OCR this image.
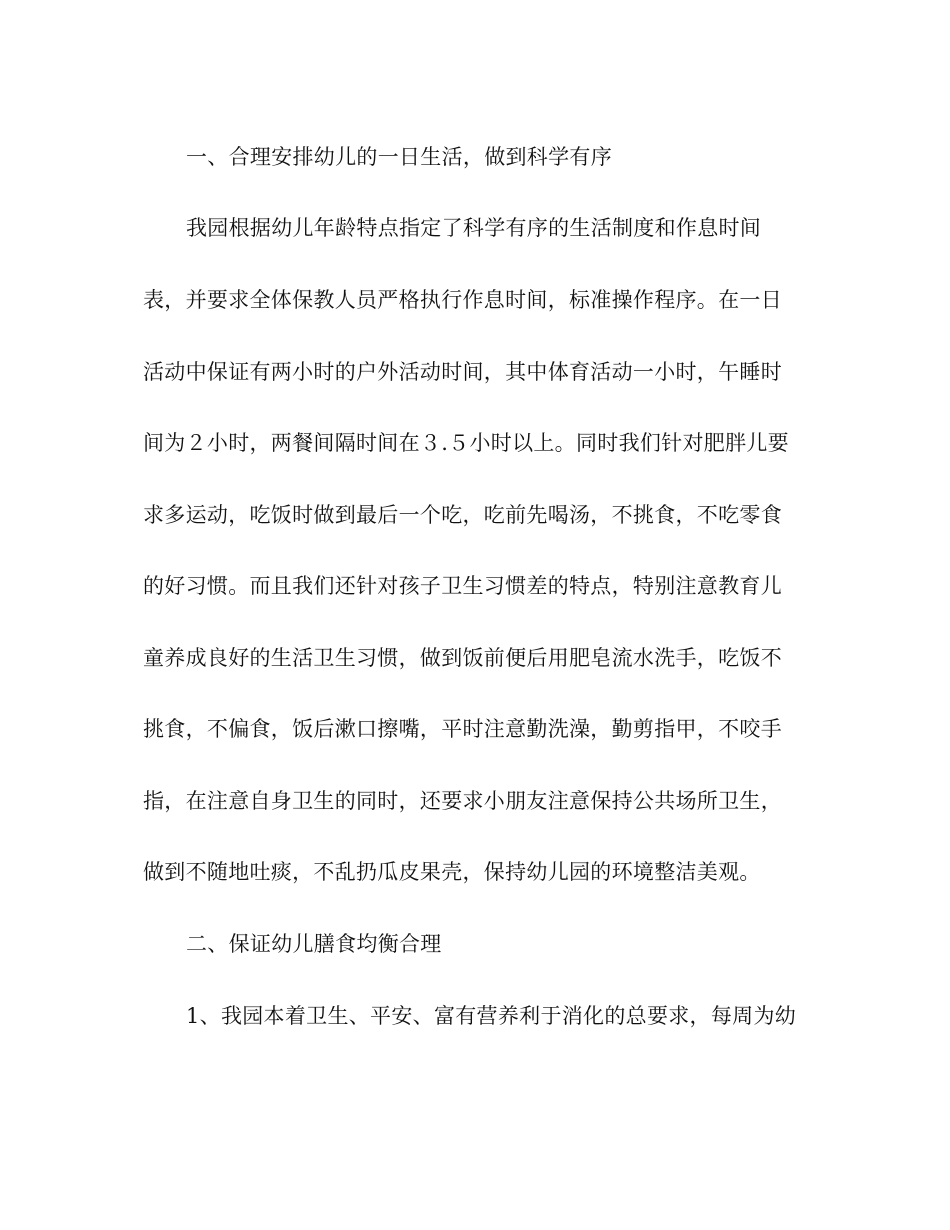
一、合理安排幼儿的一日生活，做到科学有序
我园根据幼儿年龄特点指定了科学有序的生活制度和作息时间
表，并要求全体保教人员严格执行作息时间，标准操作程序。在一日
活动中保证有两小时的户外活动时间，其中体育活动一小时，午睡时
间为２小时，两餐间隔时间在３.５小时以上。同时我们针对肥胖儿要
求多运动，吃饭时做到最后一个吃，吃前先喝汤，不挑食，不吃零食
的好习惯。而且我们还针对孩子卫生习惯差的特点，特别注意教育儿
童养成良好的生活卫生习惯，做到饭前便后用肥皂流水洗手，吃饭不
挑食，不偏食，饭后漱口擦嘴，平时注意勤洗澡，勤剪指甲，不咬手
指，在注意自身卫生的同时，还要求小朋友注意保持公共场所卫生，
做到不随地吐痰，不乱扔瓜皮果壳，保持幼儿园的环境整洁美观。
二、保证幼儿膳食均衡合理
1、我园本着卫生、平安、富有营养利于消化的总要求，每周为幼
